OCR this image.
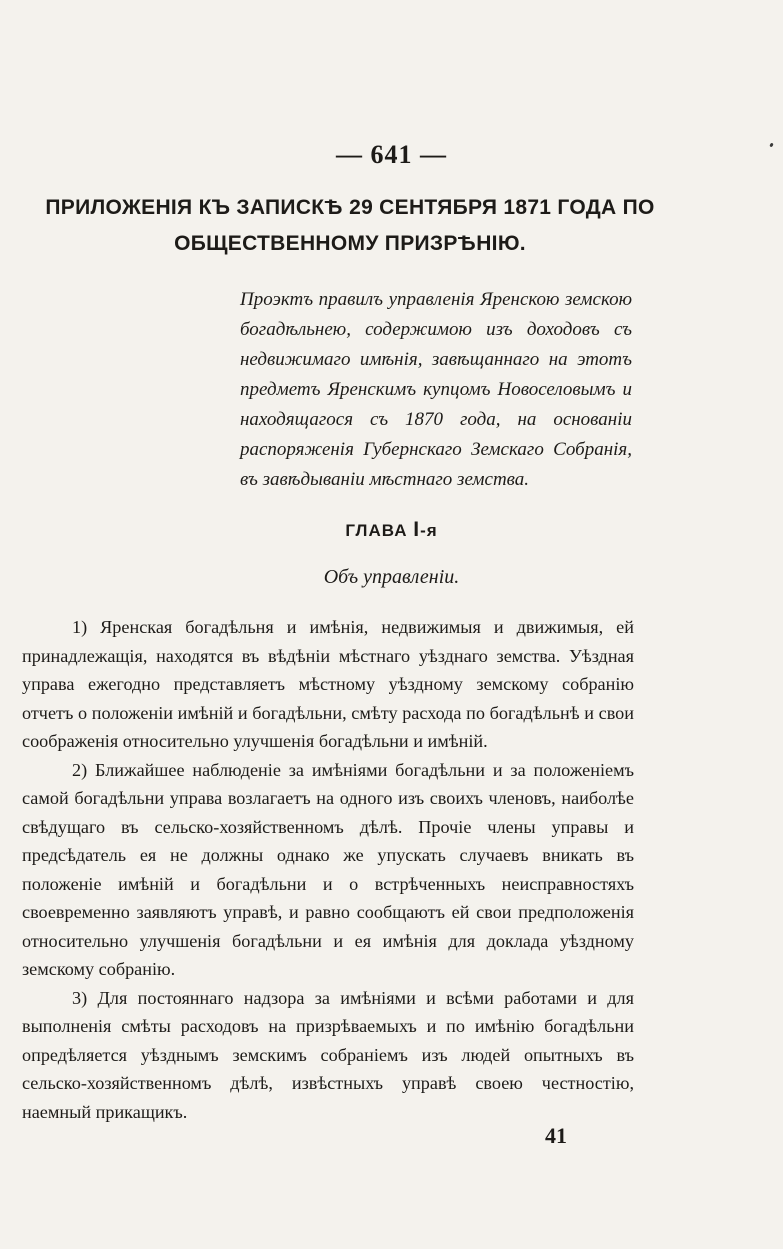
— 641 —
ПРИЛОЖЕНІЯ КЪ ЗАПИСКѢ 29 СЕНТЯБРЯ 1871 ГОДА ПО ОБЩЕСТВЕННОМУ ПРИЗРѢНІЮ.
Проэктъ правилъ управленія Яренскою земскою богадѣльнею, содержимою изъ доходовъ съ недвижимаго имѣнія, завѣщаннаго на этотъ предметъ Яренскимъ купцомъ Новоселовымъ и находящагося съ 1870 года, на основаніи распоряженія Губернскаго Земскаго Собранія, въ завѣдываніи мѣстнаго земства.
ГЛАВА I-я
Объ управленіи.

1) Яренская богадѣльня и имѣнія, недвижимыя и движимыя, ей принадлежащія, находятся въ вѣдѣніи мѣстнаго уѣзднаго земства. Уѣздная управа ежегодно представляетъ мѣстному уѣздному земскому собранію отчетъ о положеніи имѣній и богадѣльни, смѣту расхода по богадѣльнѣ и свои соображенія относительно улучшенія богадѣльни и имѣній.

2) Ближайшее наблюденіе за имѣніями богадѣльни и за положеніемъ самой богадѣльни управа возлагаетъ на одного изъ своихъ членовъ, наиболѣе свѣдущаго въ сельско-хозяйственномъ дѣлѣ. Прочіе члены управы и предсѣдатель ея не должны однако же упускать случаевъ вникать въ положеніе имѣній и богадѣльни и о встрѣченныхъ неисправностяхъ своевременно заявляютъ управѣ, и равно сообщаютъ ей свои предположенія относительно улучшенія богадѣльни и ея имѣнія для доклада уѣздному земскому собранію.

3) Для постояннаго надзора за имѣніями и всѣми работами и для выполненія смѣты расходовъ на призрѣваемыхъ и по имѣнію богадѣльни опредѣляется уѣзднымъ земскимъ собраніемъ изъ людей опытныхъ въ сельско-хозяйственномъ дѣлѣ, извѣстныхъ управѣ своею честностію, наемный прикащикъ.

41
